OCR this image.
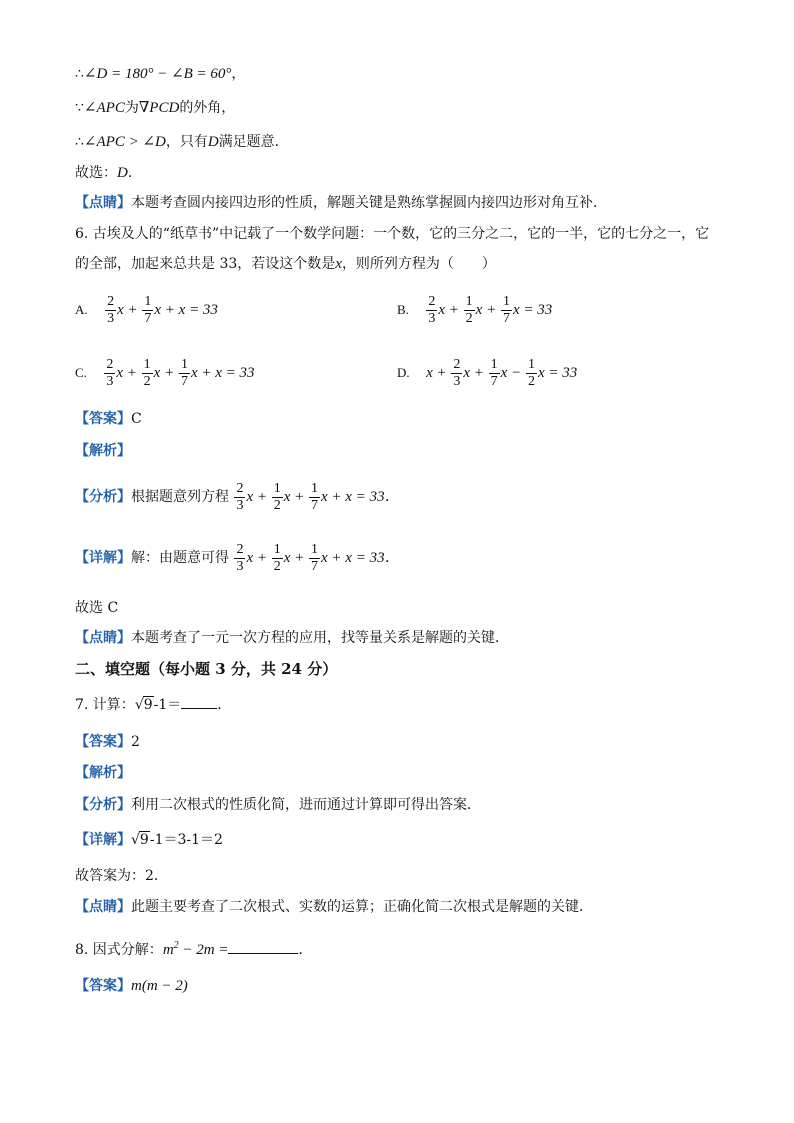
∴∠D = 180° − ∠B = 60°，
∵∠APC为∇PCD的外角，
∴∠APC > ∠D，只有D满足题意．
故选：D．
【点睛】本题考查圆内接四边形的性质，解题关键是熟练掌握圆内接四边形对角互补．
6. 古埃及人的“纸草书”中记载了一个数学问题：一个数，它的三分之二，它的一半，它的七分之一，它
的全部，加起来总共是 33，若设这个数是x，则所列方程为（　　）
A. $\frac{2}{3}$ $x + \frac{1}{7}$ x + x = 33	B. $\frac{2}{3}$ $x + \frac{1}{2}$ $x + \frac{1}{7}$ x = 33
C. $\frac{2}{3}$ $x + \frac{1}{2}$ $x + \frac{1}{7}$ x + x = 33	D. $x + \frac{2}{3}$ $x + \frac{1}{7}$ $x - \frac{1}{2}$ x = 33
【答案】C
【解析】
【分析】根据题意列方程 $\frac{2}{3}$ $x + \frac{1}{2}$ $x + \frac{1}{7}$ x + x = 33．
【详解】解：由题意可得 $\frac{2}{3}$ $x + \frac{1}{2}$ $x + \frac{1}{7}$ x + x = 33．
故选 C
【点睛】本题考查了一元一次方程的应用，找等量关系是解题的关键．
二、填空题（每小题 3 分，共 24 分）
7. 计算：√9-1＝	．
【答案】2
【解析】
【分析】利用二次根式的性质化简，进而通过计算即可得出答案．
【详解】√9-1＝3-1＝2
故答案为：2．
【点睛】此题主要考查了二次根式、实数的运算；正确化简二次根式是解题的关键．
8. 因式分解：$m^2 - 2m$ =	．
【答案】m(m − 2)
